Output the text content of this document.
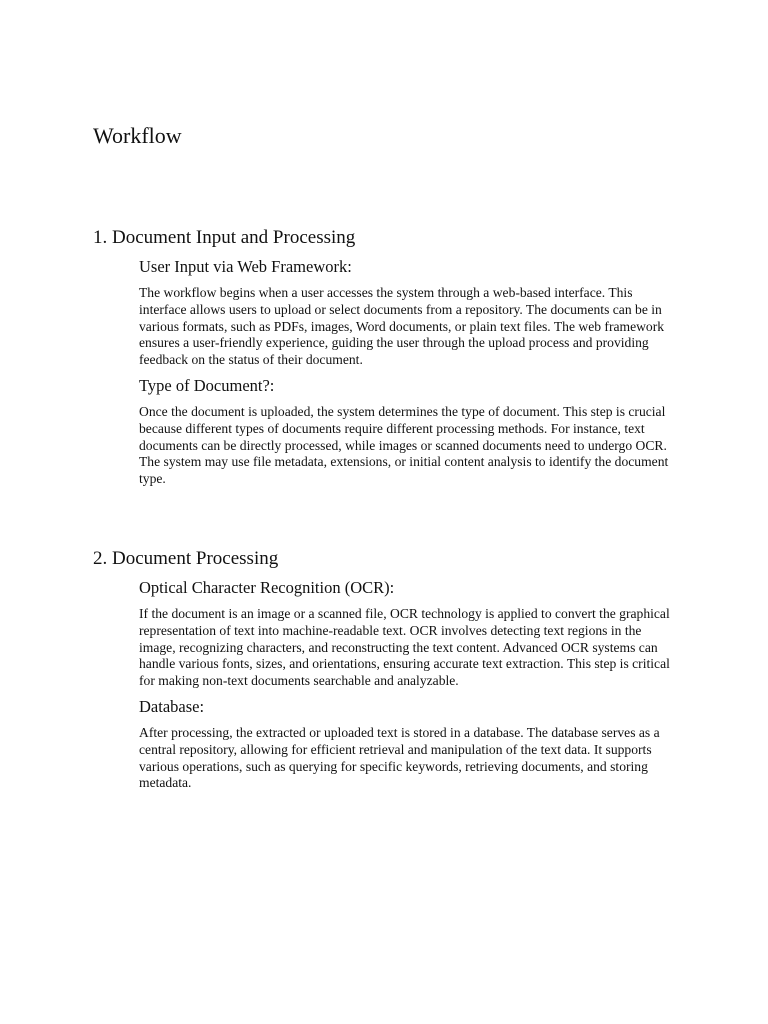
Workflow
1. Document Input and Processing
User Input via Web Framework:

The workflow begins when a user accesses the system through a web-based interface. This interface allows users to upload or select documents from a repository. The documents can be in various formats, such as PDFs, images, Word documents, or plain text files. The web framework ensures a user-friendly experience, guiding the user through the upload process and providing feedback on the status of their document.

Type of Document?:

Once the document is uploaded, the system determines the type of document. This step is crucial because different types of documents require different processing methods. For instance, text documents can be directly processed, while images or scanned documents need to undergo OCR. The system may use file metadata, extensions, or initial content analysis to identify the document type.

2. Document Processing
Optical Character Recognition (OCR):

If the document is an image or a scanned file, OCR technology is applied to convert the graphical representation of text into machine-readable text. OCR involves detecting text regions in the image, recognizing characters, and reconstructing the text content. Advanced OCR systems can handle various fonts, sizes, and orientations, ensuring accurate text extraction. This step is critical for making non-text documents searchable and analyzable.

Database:

After processing, the extracted or uploaded text is stored in a database. The database serves as a central repository, allowing for efficient retrieval and manipulation of the text data. It supports various operations, such as querying for specific keywords, retrieving documents, and storing metadata.
